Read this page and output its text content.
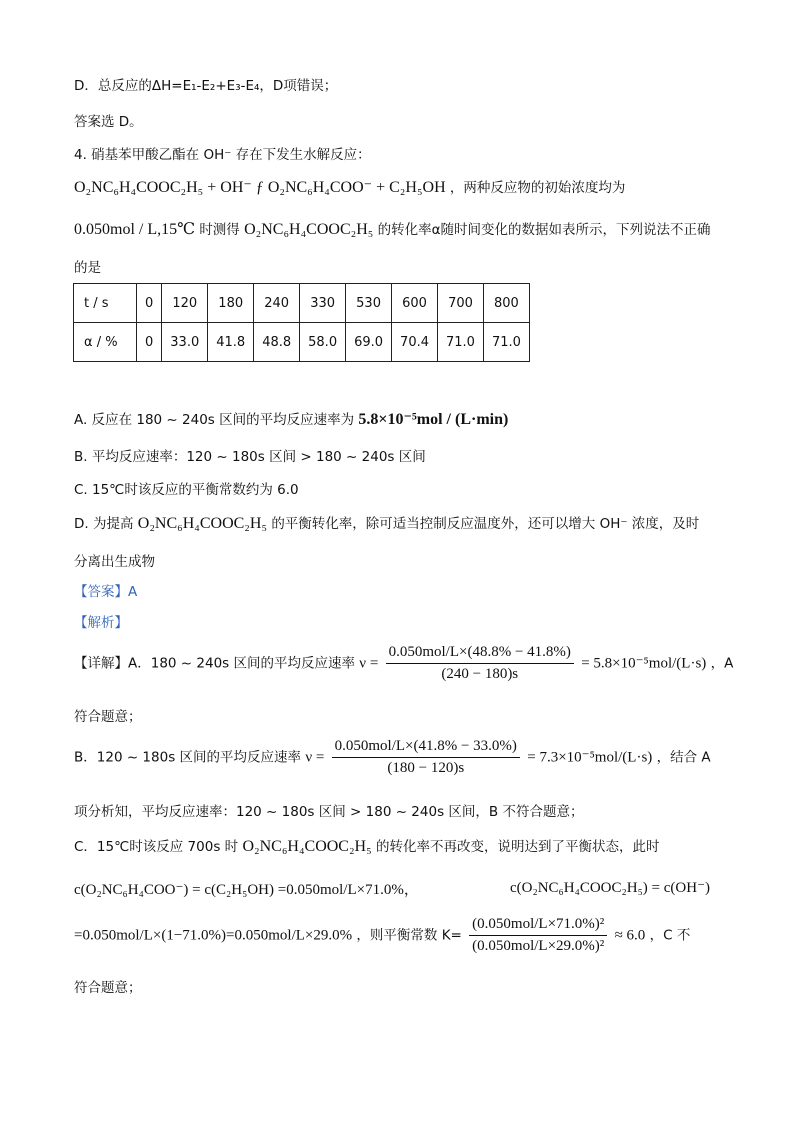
D．总反应的ΔH=E₁-E₂+E₃-E₄，D项错误；
答案选 D。
4. 硝基苯甲酸乙酯在 OH⁻ 存在下发生水解反应：
O₂NC₆H₄COOC₂H₅ + OH⁻ ƒ O₂NC₆H₄COO⁻ + C₂H₅OH ，两种反应物的初始浓度均为
0.050mol / L,15℃ 时测得 O₂NC₆H₄COOC₂H₅ 的转化率α随时间变化的数据如表所示，下列说法不正确
的是
t / s	0	120	180	240	330	530	600	700	800
α / %	0	33.0	41.8	48.8	58.0	69.0	70.4	71.0	71.0
A. 反应在 180 ~ 240s 区间的平均反应速率为 5.8×10⁻⁵mol / (L·min)
B. 平均反应速率：120 ~ 180s 区间 > 180 ~ 240s 区间
C. 15℃时该反应的平衡常数约为 6.0
D. 为提高 O₂NC₆H₄COOC₂H₅ 的平衡转化率，除可适当控制反应温度外，还可以增大 OH⁻ 浓度，及时
分离出生成物
【答案】A
【解析】
【详解】A．180 ~ 240s 区间的平均反应速率 $\nu = \frac{\text{0.050mol/L×(48.8\% − 41.8\%)}}{(240 - 180)s} = 5.8\times 10^{-5}mol/(L\cdot s)$ ，A
符合题意；
B．120 ~ 180s 区间的平均反应速率 $\nu = \frac{\text{0.050mol/L×(41.8\% − 33.0\%)}}{(180 - 120)s} = 7.3\times 10^{-5}mol/(L\cdot s)$ ，结合 A
项分析知，平均反应速率：120 ~ 180s 区间 > 180 ~ 240s 区间，B 不符合题意；
C．15℃时该反应 700s 时 O₂NC₆H₄COOC₂H₅ 的转化率不再改变，说明达到了平衡状态，此时
c(O₂NC₆H₄COO⁻) = c(C₂H₅OH) =0.050mol/L×71.0%，	c(O₂NC₆H₄COOC₂H₅) = c(OH⁻)
=0.050mol/L×(1−71.0%)=0.050mol/L×29.0% ，则平衡常数 $K= \frac{\text{(0.050mol/L×71.0\%)²}}{\text{(0.050mol/L×29.0\%)²}} \approx 6.0$ ，C 不
符合题意；
